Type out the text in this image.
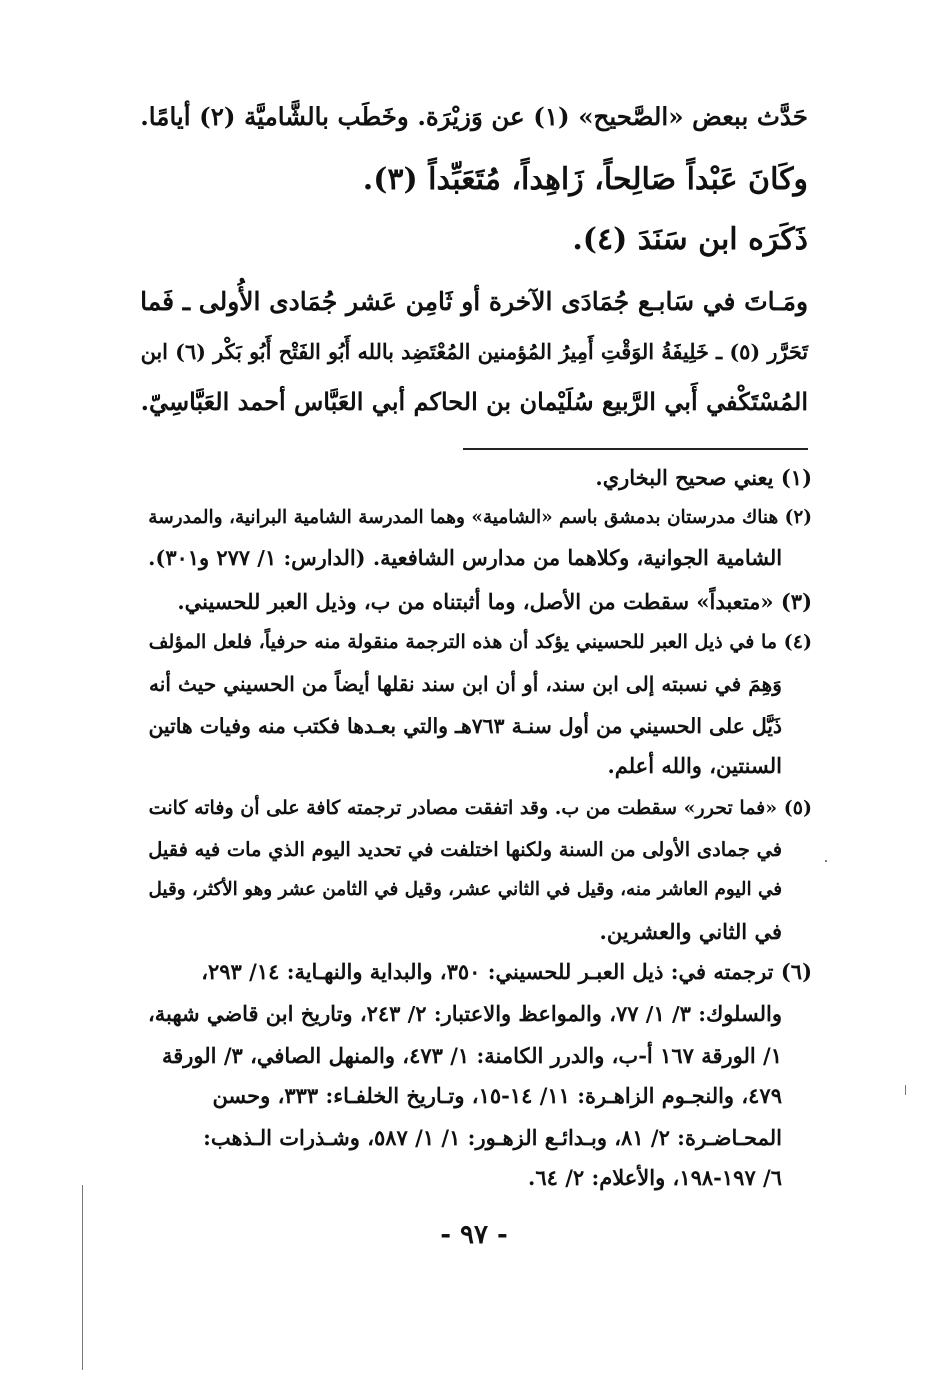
حَدَّث ببعض «الصَّحيح» (١) عن وَزيْرَة. وخَطَب بالشَّاميَّة (٢) أيامًا.
وكَانَ عَبْداً صَالِحاً، زَاهِداً، مُتَعَبِّداً (٣).
ذَكَرَه ابن سَنَدَ (٤).
ومَـاتَ في سَابـع جُمَادَى الآخرة أو ثَامِن عَشر جُمَادى الأُولى ـ فَما
تَحَرَّر (٥) ـ خَلِيفَةُ الوَقْتِ أَمِيرُ المُؤمنين المُعْتَضِد بالله أَبُو الفَتْح أَبُو بَكْر (٦) ابن
المُسْتَكْفي أَبي الرَّبيع سُلَيْمان بن الحاكم أبي العَبَّاس أحمد العَبَّاسِيّ.
(١) يعني صحيح البخاري.
(٢) هناك مدرستان بدمشق باسم «الشامية» وهما المدرسة الشامية البرانية، والمدرسة
الشامية الجوانية، وكلاهما من مدارس الشافعية. (الدارس: ١/ ٢٧٧ و٣٠١).
(٣) «متعبداً» سقطت من الأصل، وما أثبتناه من ب، وذيل العبر للحسيني.
(٤) ما في ذيل العبر للحسيني يؤكد أن هذه الترجمة منقولة منه حرفياً، فلعل المؤلف
وَهِمَ في نسبته إلى ابن سند، أو أن ابن سند نقلها أيضاً من الحسيني حيث أنه
ذَيَّل على الحسيني من أول سنـة ٧٦٣هـ والتي بعـدها فكتب منه وفيات هاتين
السنتين، والله أعلم.
(٥) «فما تحرر» سقطت من ب. وقد اتفقت مصادر ترجمته كافة على أن وفاته كانت
في جمادى الأولى من السنة ولكنها اختلفت في تحديد اليوم الذي مات فيه فقيل
في اليوم العاشر منه، وقيل في الثاني عشر، وقيل في الثامن عشر وهو الأكثر، وقيل
في الثاني والعشرين.
(٦) ترجمته في: ذيل العبـر للحسيني: ٣٥٠، والبداية والنهـاية: ١٤/ ٢٩٣،
والسلوك: ٣/ ١/ ٧٧، والمواعظ والاعتبار: ٢/ ٢٤٣، وتاريخ ابن قاضي شهبة،
١/ الورقة ١٦٧ أ-ب، والدرر الكامنة: ١/ ٤٧٣، والمنهل الصافي، ٣/ الورقة
٤٧٩، والنجـوم الزاهـرة: ١١/ ١٤-١٥، وتـاريخ الخلفـاء: ٣٣٣، وحسن
المحـاضـرة: ٢/ ٨١، وبـدائـع الزهـور: ١/ ١/ ٥٨٧، وشـذرات الـذهب:
٦/ ١٩٧-١٩٨، والأعلام: ٢/ ٦٤.
- ٩٧ -
